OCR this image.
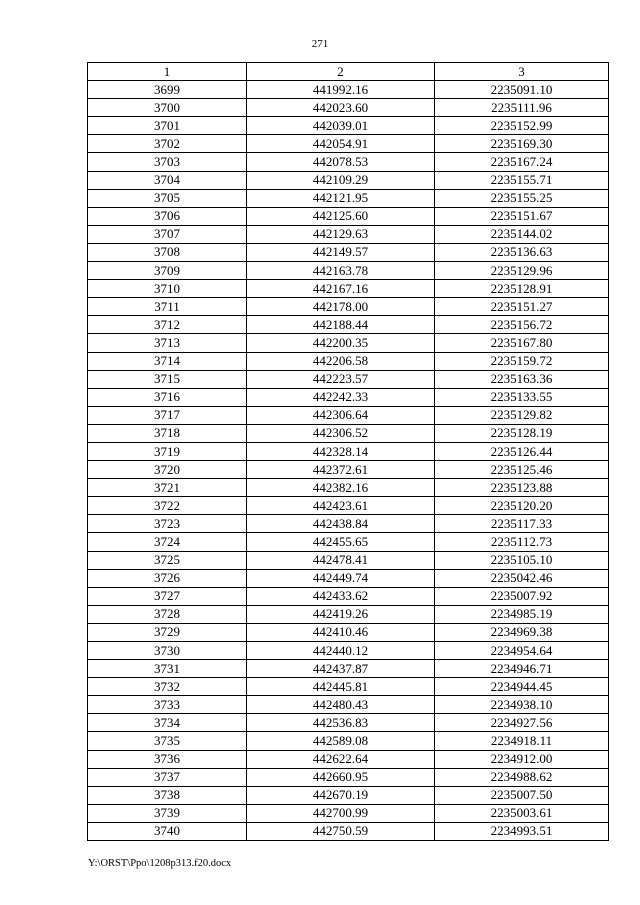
271
1	2	3
3699	441992.16	2235091.10
3700	442023.60	2235111.96
3701	442039.01	2235152.99
3702	442054.91	2235169.30
3703	442078.53	2235167.24
3704	442109.29	2235155.71
3705	442121.95	2235155.25
3706	442125.60	2235151.67
3707	442129.63	2235144.02
3708	442149.57	2235136.63
3709	442163.78	2235129.96
3710	442167.16	2235128.91
3711	442178.00	2235151.27
3712	442188.44	2235156.72
3713	442200.35	2235167.80
3714	442206.58	2235159.72
3715	442223.57	2235163.36
3716	442242.33	2235133.55
3717	442306.64	2235129.82
3718	442306.52	2235128.19
3719	442328.14	2235126.44
3720	442372.61	2235125.46
3721	442382.16	2235123.88
3722	442423.61	2235120.20
3723	442438.84	2235117.33
3724	442455.65	2235112.73
3725	442478.41	2235105.10
3726	442449.74	2235042.46
3727	442433.62	2235007.92
3728	442419.26	2234985.19
3729	442410.46	2234969.38
3730	442440.12	2234954.64
3731	442437.87	2234946.71
3732	442445.81	2234944.45
3733	442480.43	2234938.10
3734	442536.83	2234927.56
3735	442589.08	2234918.11
3736	442622.64	2234912.00
3737	442660.95	2234988.62
3738	442670.19	2235007.50
3739	442700.99	2235003.61
3740	442750.59	2234993.51
Y:\ORST\Ppo\1208p313.f20.docx
